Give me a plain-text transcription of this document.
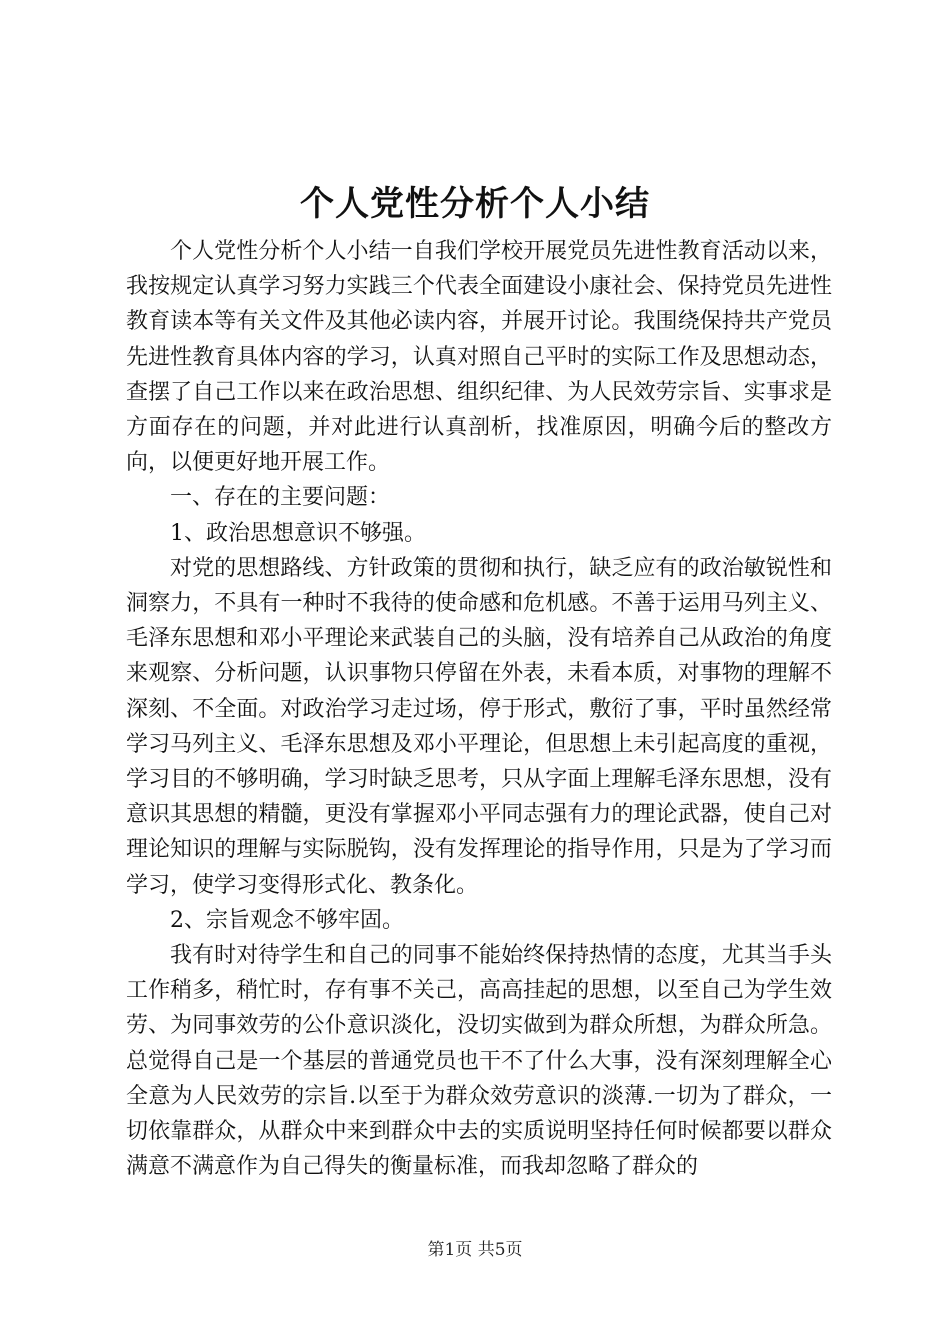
个人党性分析个人小结

个人党性分析个人小结一自我们学校开展党员先进性教育活动以来，我按规定认真学习努力实践三个代表全面建设小康社会、保持党员先进性教育读本等有关文件及其他必读内容，并展开讨论。我围绕保持共产党员先进性教育具体内容的学习，认真对照自己平时的实际工作及思想动态，查摆了自己工作以来在政治思想、组织纪律、为人民效劳宗旨、实事求是方面存在的问题，并对此进行认真剖析，找准原因，明确今后的整改方向，以便更好地开展工作。

一、存在的主要问题：

1、政治思想意识不够强。

对党的思想路线、方针政策的贯彻和执行，缺乏应有的政治敏锐性和洞察力，不具有一种时不我待的使命感和危机感。不善于运用马列主义、毛泽东思想和邓小平理论来武装自己的头脑，没有培养自己从政治的角度来观察、分析问题，认识事物只停留在外表，未看本质，对事物的理解不深刻、不全面。对政治学习走过场，停于形式，敷衍了事，平时虽然经常学习马列主义、毛泽东思想及邓小平理论，但思想上未引起高度的重视，学习目的不够明确，学习时缺乏思考，只从字面上理解毛泽东思想，没有意识其思想的精髓，更没有掌握邓小平同志强有力的理论武器，使自己对理论知识的理解与实际脱钩，没有发挥理论的指导作用，只是为了学习而学习，使学习变得形式化、教条化。

2、宗旨观念不够牢固。

我有时对待学生和自己的同事不能始终保持热情的态度，尤其当手头工作稍多，稍忙时，存有事不关己，高高挂起的思想，以至自己为学生效劳、为同事效劳的公仆意识淡化，没切实做到为群众所想，为群众所急。总觉得自己是一个基层的普通党员也干不了什么大事，没有深刻理解全心全意为人民效劳的宗旨.以至于为群众效劳意识的淡薄.一切为了群众，一切依靠群众，从群众中来到群众中去的实质说明坚持任何时候都要以群众满意不满意作为自己得失的衡量标准，而我却忽略了群众的

第1页 共5页
